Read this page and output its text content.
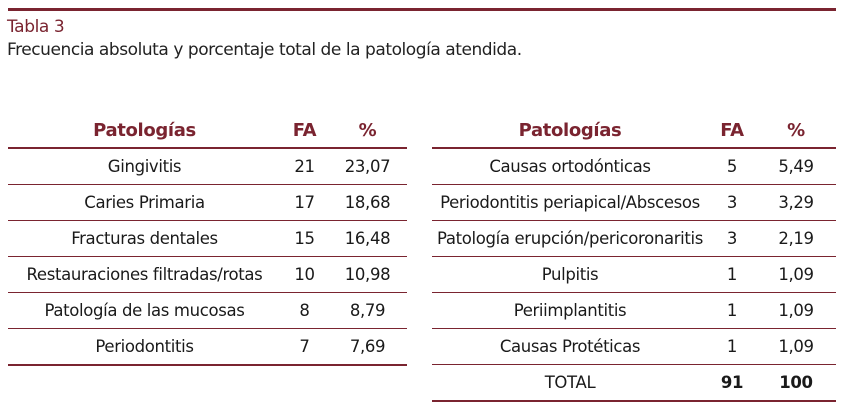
Tabla 3
Frecuencia absoluta y porcentaje total de la patología atendida.
Patologías	FA	%
Gingivitis	21	23,07
Caries Primaria	17	18,68
Fracturas dentales	15	16,48
Restauraciones filtradas/rotas	10	10,98
Patología de las mucosas	8	8,79
Periodontitis	7	7,69
Patologías	FA	%
Causas ortodónticas	5	5,49
Periodontitis periapical/Abscesos	3	3,29
Patología erupción/pericoronaritis	3	2,19
Pulpitis	1	1,09
Periimplantitis	1	1,09
Causas Protéticas	1	1,09
TOTAL	91	100
